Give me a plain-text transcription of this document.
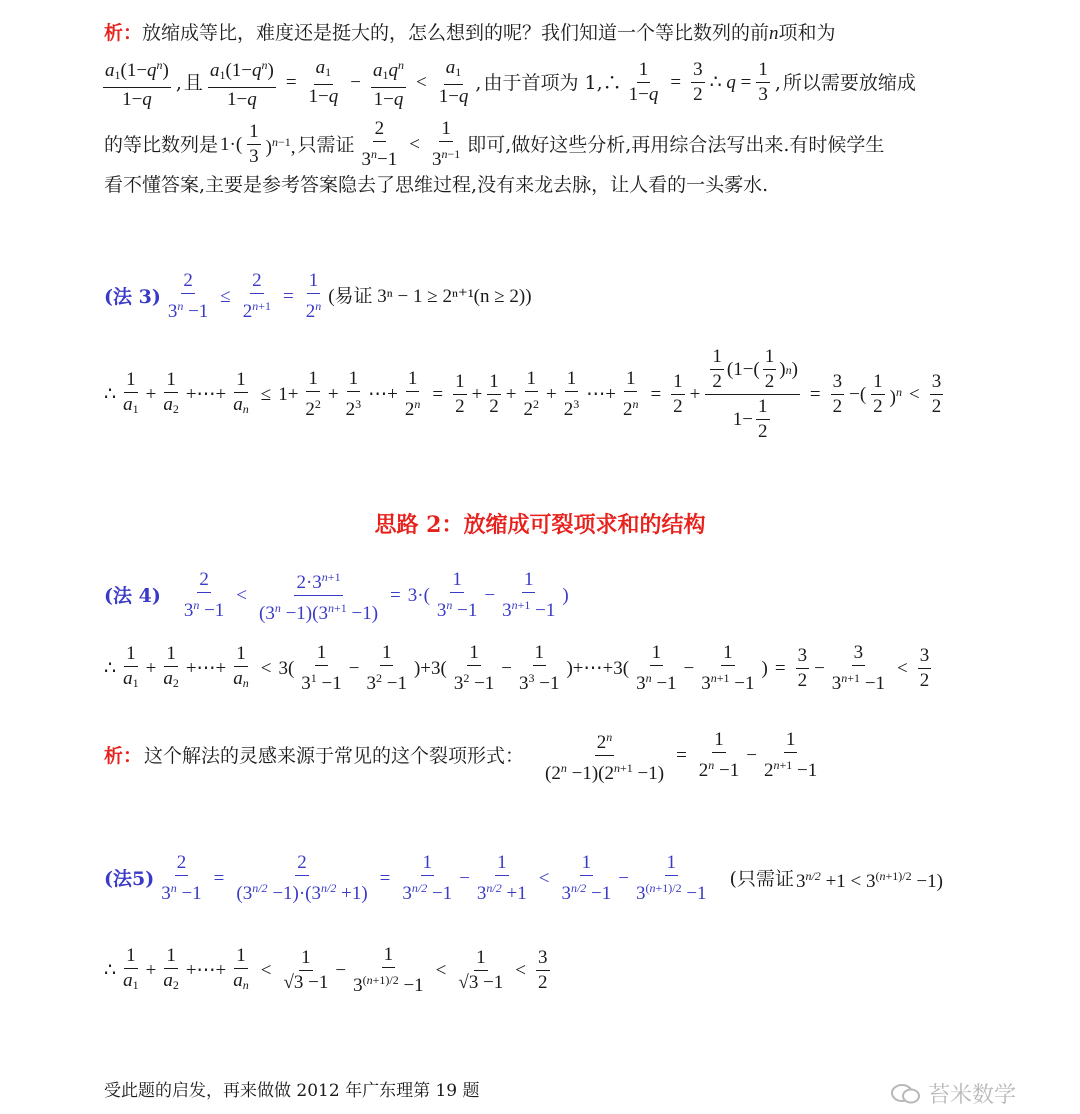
析：放缩成等比，难度还是挺大的，怎么想到的呢？我们知道一个等比数列的前n项和为
$\frac{a_1(1-q^n)}{1-q}$ , 且 $\frac{a_1(1-q^n)}{1-q} = \frac{a_1}{1-q} - \frac{a_1q^n}{1-q} < \frac{a_1}{1-q}$ , 由于首项为 1,∴ $\frac{1}{1-q} = \frac{3}{2}$ ∴ $q = \frac{1}{3}$ , 所以需要放缩成
的等比数列是 $1\cdot( \frac{1}{3} )^{n-1}$, 只需证 $\frac{2}{3^n-1} < \frac{1}{3^{n-1}}$ 即可,做好这些分析,再用综合法写出来.有时候学生
看不懂答案,主要是参考答案隐去了思维过程,没有来龙去脉，让人看的一头雾水.
(法 $3) \frac{2}{3^n -1} \le \frac{2}{2^{n+1}} = \frac{1}{2^n}$ (易证 3ⁿ − 1 ≥ 2ⁿ⁺¹(n ≥ 2))
∴ $\frac{1}{a_1} + \frac{1}{a_2}$ +⋯+ $\frac{1}{a_n} \le 1+ \frac{1}{2^2} + \frac{1}{2^3}$ ⋯+ $\frac{1}{2^n} = \frac{1}{2} + \frac{1}{2} + \frac{1}{2^2} + \frac{1}{2^3}$ ⋯+ $\frac{1}{2^n} = \frac{1}{2} + \frac{\frac{1}{2} (1-( \frac{1}{2} ) n )}{1- \frac{1}{2}} = \frac{3}{2}$ −( $\frac{1}{2} )^n < \frac{3}{2}$
思路 2：放缩成可裂项求和的结构
(法 $4) \frac{2}{3^n -1} < \frac{2\cdot 3^{n+1}}{(3^n -1)(3^{n+1} -1)} = 3\cdot( \frac{1}{3^n -1} - \frac{1}{3^{n+1} -1}$ )
∴ $\frac{1}{a_1} + \frac{1}{a_2}$ +⋯+ $\frac{1}{a_n} < 3( \frac{1}{3^1 -1} - \frac{1}{3^2 -1} )+3( \frac{1}{3^2 -1} - \frac{1}{3^3 -1}$ )+⋯+3( $\frac{1}{3^n -1} - \frac{1}{3^{n+1} -1}$ ) = $\frac{3}{2} - \frac{3}{3^{n+1} -1} < \frac{3}{2}$
析： 这个解法的灵感来源于常见的这个裂项形式： $\frac{2^n}{(2^n -1)(2^{n+1} -1)} = \frac{1}{2^n -1} - \frac{1}{2^{n+1} -1}$
(法$5) \frac{2}{3^n -1} = \frac{2}{(3^{n/2} -1)\cdot(3^{n/2} +1)} = \frac{1}{3^{n/2} -1} - \frac{1}{3^{n/2} +1} < \frac{1}{3^{n/2} -1} - \frac{1}{3^{(n+1)/2} -1}$ (只需证 $3^{n/2} +1 < 3^{(n+1)/2} -1$)
∴ $\frac{1}{a_1} + \frac{1}{a_2}$ +⋯+ $\frac{1}{a_n} < \frac{1}{√3 -1} - \frac{1}{3^{(n+1)/2} -1} < \frac{1}{√3 -1} < \frac{3}{2}$
受此题的启发，再来做做 2012 年广东理第 19 题	苔米数学
